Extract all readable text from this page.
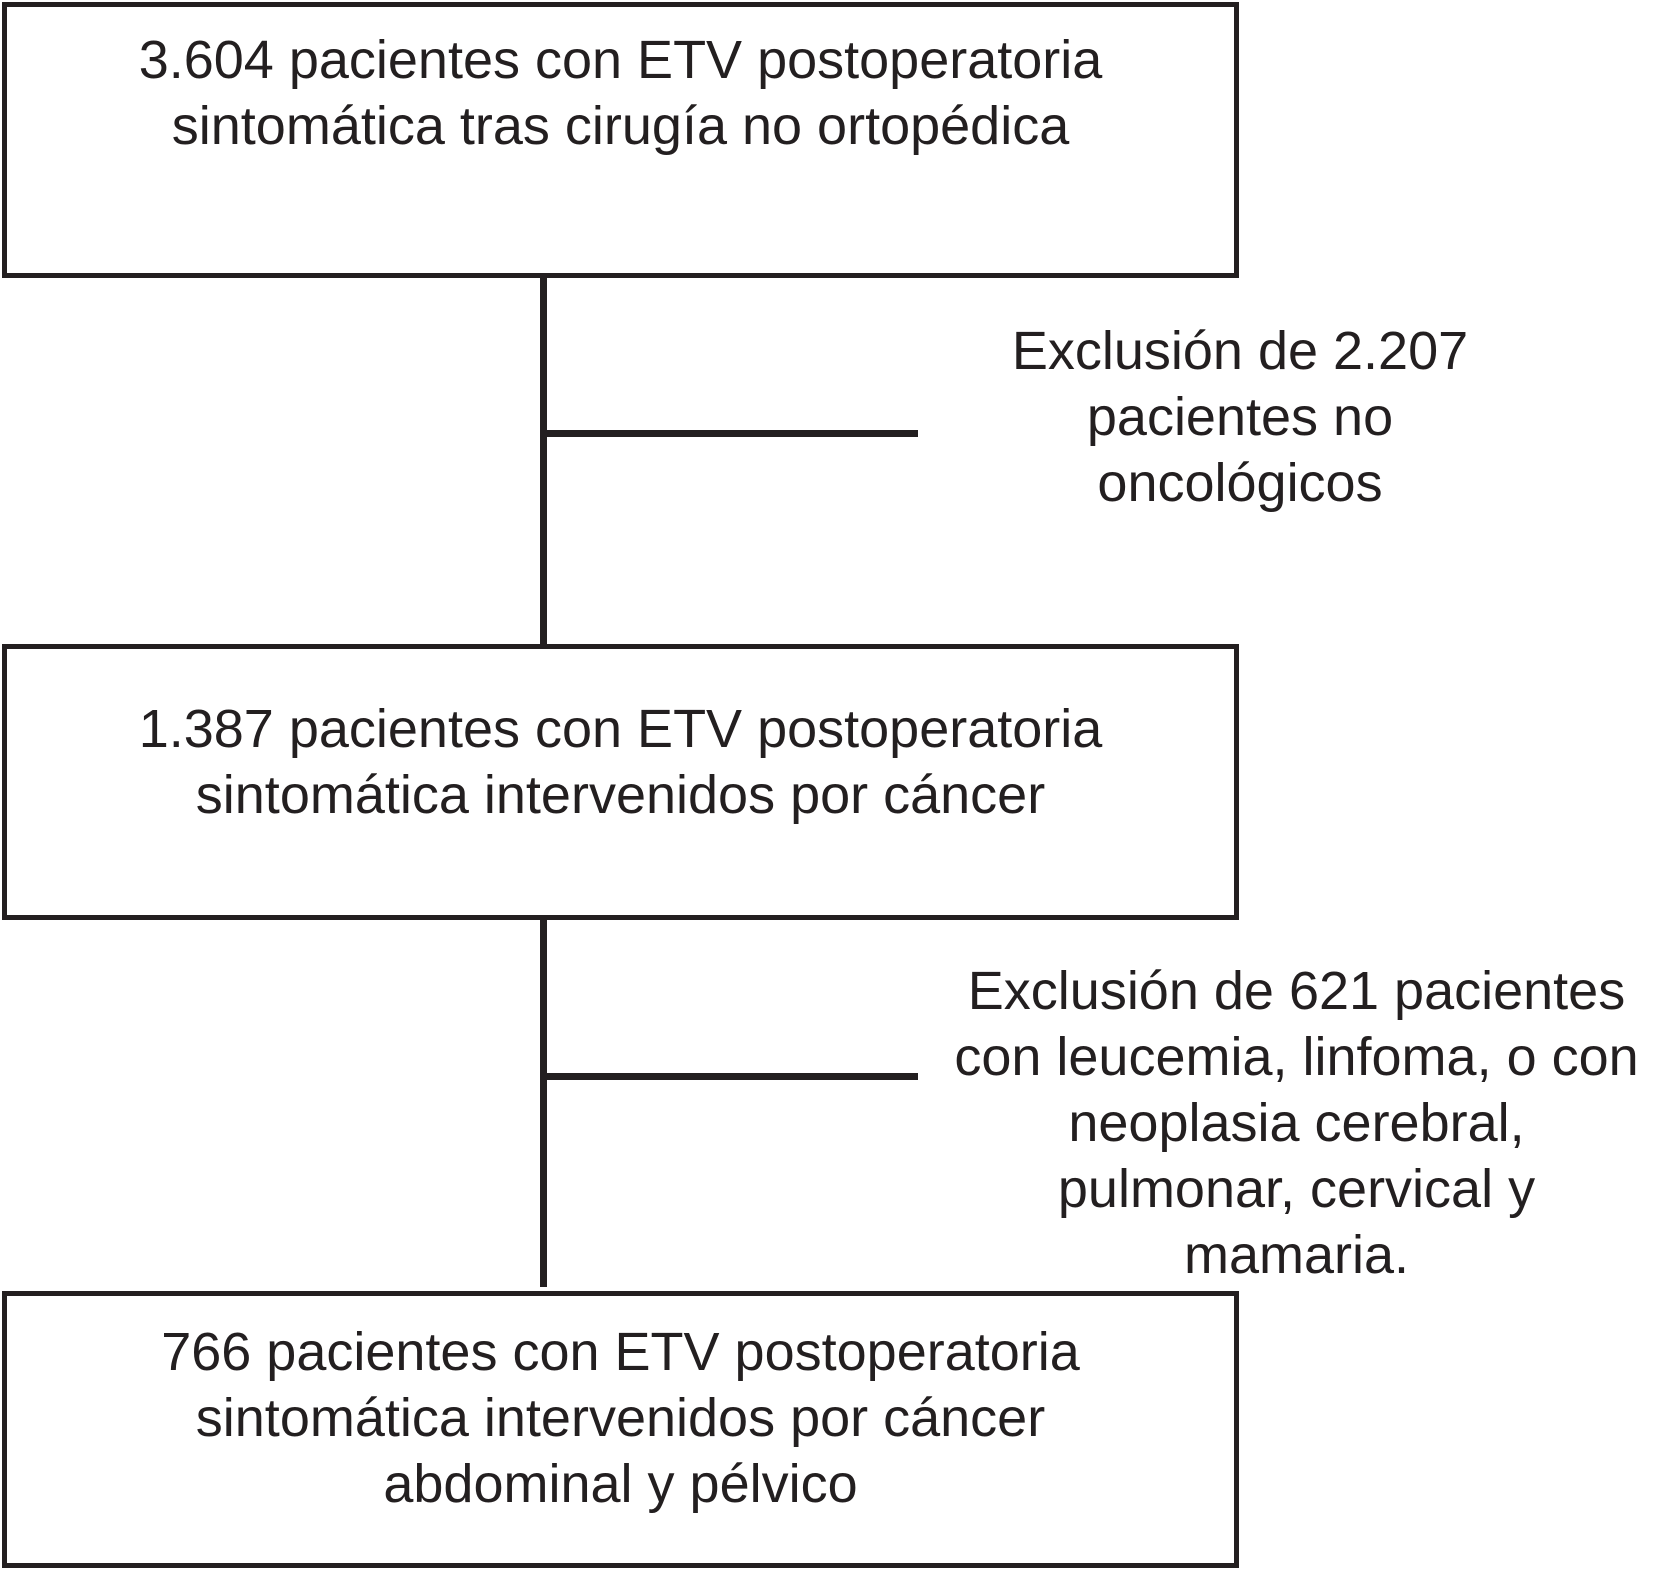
3.604 pacientes con ETV postoperatoria
sintomática tras cirugía no ortopédica
Exclusión de 2.207
pacientes no
oncológicos
1.387 pacientes con ETV postoperatoria
sintomática intervenidos por cáncer
Exclusión de 621 pacientes
con leucemia, linfoma, o con
neoplasia cerebral,
pulmonar, cervical y
mamaria.
766 pacientes con ETV postoperatoria
sintomática intervenidos por cáncer
abdominal y pélvico
